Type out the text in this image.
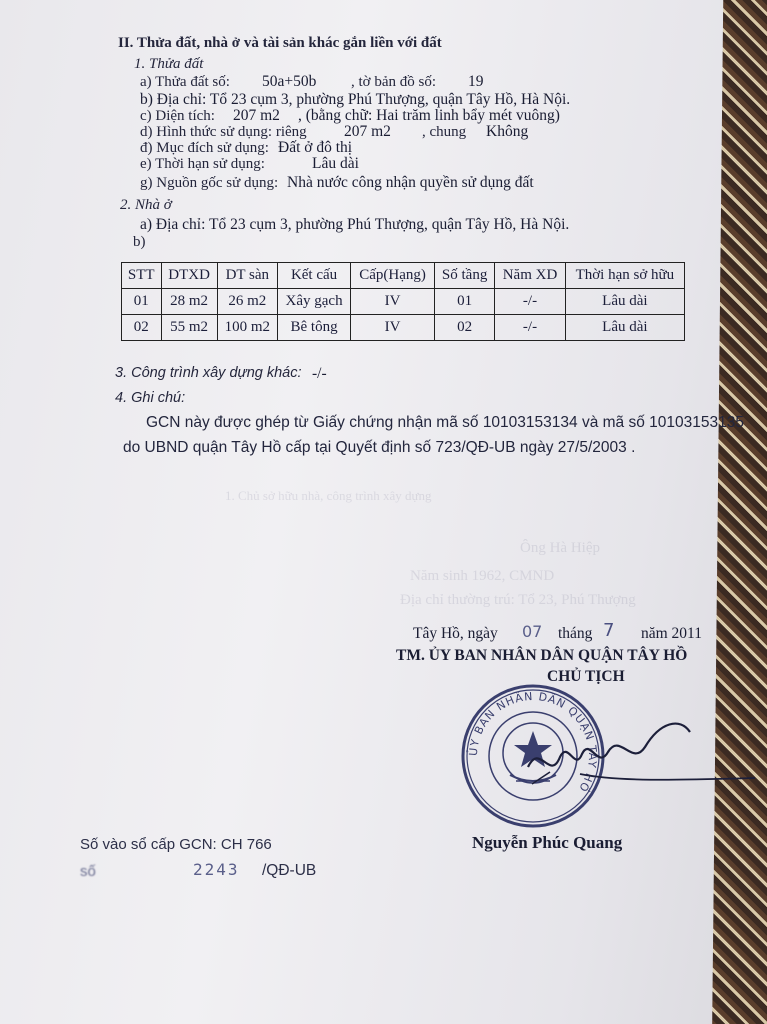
1. Chủ sở hữu nhà, công trình xây dựng
Ông Hà Hiệp
Năm sinh 1962, CMND
Địa chỉ thường trú: Tổ 23, Phú Thượng
II. Thửa đất, nhà ở và tài sản khác gắn liền với đất
1. Thửa đất
a) Thửa đất số: 50a+50b , tờ bản đồ số: 19
b) Địa chỉ: Tổ 23 cụm 3, phường Phú Thượng, quận Tây Hồ, Hà Nội.
c) Diện tích: 207 m2 , (bằng chữ: Hai trăm linh bẩy mét vuông)
d) Hình thức sử dụng: riêng 207 m2 , chung Không
đ) Mục đích sử dụng: Đất ở đô thị
e) Thời hạn sử dụng:	Lâu dài
g) Nguồn gốc sử dụng: Nhà nước công nhận quyền sử dụng đất
2. Nhà ở
a) Địa chỉ: Tổ 23 cụm 3, phường Phú Thượng, quận Tây Hồ, Hà Nội.
b)
STT	DTXD	DT sàn	Kết cấu	Cấp(Hạng)	Số tầng	Năm XD	Thời hạn sở hữu
01	28 m2	26 m2	Xây gạch	IV	01	-/-	Lâu dài
02	55 m2	100 m2	Bê tông	IV	02	-/-	Lâu dài
3. Công trình xây dựng khác: -/-
4. Ghi chú:
GCN này được ghép từ Giấy chứng nhận mã số 10103153134 và mã số 10103153135
do UBND quận Tây Hồ cấp tại Quyết định số 723/QĐ-UB ngày 27/5/2003 .
Tây Hồ, ngày 07 tháng 7 năm 2011
TM. ỦY BAN NHÂN DÂN QUẬN TÂY HỒ
CHỦ TỊCH
ỦY BAN NHÂN DÂN QUẬN TÂY HỒ
Nguyễn Phúc Quang
Số vào sổ cấp GCN: CH 766
số	2243 /QĐ-UB
